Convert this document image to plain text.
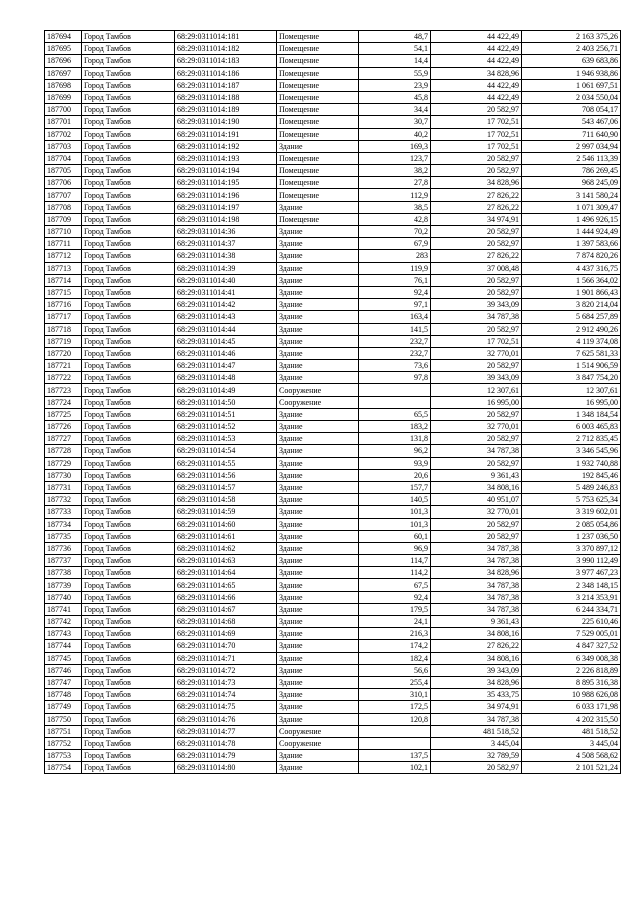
187694	Город Тамбов	68:29:0311014:181	Помещение	48,7	44 422,49	2 163 375,26
187695	Город Тамбов	68:29:0311014:182	Помещение	54,1	44 422,49	2 403 256,71
187696	Город Тамбов	68:29:0311014:183	Помещение	14,4	44 422,49	639 683,86
187697	Город Тамбов	68:29:0311014:186	Помещение	55,9	34 828,96	1 946 938,86
187698	Город Тамбов	68:29:0311014:187	Помещение	23,9	44 422,49	1 061 697,51
187699	Город Тамбов	68:29:0311014:188	Помещение	45,8	44 422,49	2 034 550,04
187700	Город Тамбов	68:29:0311014:189	Помещение	34,4	20 582,97	708 054,17
187701	Город Тамбов	68:29:0311014:190	Помещение	30,7	17 702,51	543 467,06
187702	Город Тамбов	68:29:0311014:191	Помещение	40,2	17 702,51	711 640,90
187703	Город Тамбов	68:29:0311014:192	Здание	169,3	17 702,51	2 997 034,94
187704	Город Тамбов	68:29:0311014:193	Помещение	123,7	20 582,97	2 546 113,39
187705	Город Тамбов	68:29:0311014:194	Помещение	38,2	20 582,97	786 269,45
187706	Город Тамбов	68:29:0311014:195	Помещение	27,8	34 828,96	968 245,09
187707	Город Тамбов	68:29:0311014:196	Помещение	112,9	27 826,22	3 141 580,24
187708	Город Тамбов	68:29:0311014:197	Здание	38,5	27 826,22	1 071 309,47
187709	Город Тамбов	68:29:0311014:198	Помещение	42,8	34 974,91	1 496 926,15
187710	Город Тамбов	68:29:0311014:36	Здание	70,2	20 582,97	1 444 924,49
187711	Город Тамбов	68:29:0311014:37	Здание	67,9	20 582,97	1 397 583,66
187712	Город Тамбов	68:29:0311014:38	Здание	283	27 826,22	7 874 820,26
187713	Город Тамбов	68:29:0311014:39	Здание	119,9	37 008,48	4 437 316,75
187714	Город Тамбов	68:29:0311014:40	Здание	76,1	20 582,97	1 566 364,02
187715	Город Тамбов	68:29:0311014:41	Здание	92,4	20 582,97	1 901 866,43
187716	Город Тамбов	68:29:0311014:42	Здание	97,1	39 343,09	3 820 214,04
187717	Город Тамбов	68:29:0311014:43	Здание	163,4	34 787,38	5 684 257,89
187718	Город Тамбов	68:29:0311014:44	Здание	141,5	20 582,97	2 912 490,26
187719	Город Тамбов	68:29:0311014:45	Здание	232,7	17 702,51	4 119 374,08
187720	Город Тамбов	68:29:0311014:46	Здание	232,7	32 770,01	7 625 581,33
187721	Город Тамбов	68:29:0311014:47	Здание	73,6	20 582,97	1 514 906,59
187722	Город Тамбов	68:29:0311014:48	Здание	97,8	39 343,09	3 847 754,20
187723	Город Тамбов	68:29:0311014:49	Сооружение		12 307,61	12 307,61
187724	Город Тамбов	68:29:0311014:50	Сооружение		16 995,00	16 995,00
187725	Город Тамбов	68:29:0311014:51	Здание	65,5	20 582,97	1 348 184,54
187726	Город Тамбов	68:29:0311014:52	Здание	183,2	32 770,01	6 003 465,83
187727	Город Тамбов	68:29:0311014:53	Здание	131,8	20 582,97	2 712 835,45
187728	Город Тамбов	68:29:0311014:54	Здание	96,2	34 787,38	3 346 545,96
187729	Город Тамбов	68:29:0311014:55	Здание	93,9	20 582,97	1 932 740,88
187730	Город Тамбов	68:29:0311014:56	Здание	20,6	9 361,43	192 845,46
187731	Город Тамбов	68:29:0311014:57	Здание	157,7	34 808,16	5 489 246,83
187732	Город Тамбов	68:29:0311014:58	Здание	140,5	40 951,07	5 753 625,34
187733	Город Тамбов	68:29:0311014:59	Здание	101,3	32 770,01	3 319 602,01
187734	Город Тамбов	68:29:0311014:60	Здание	101,3	20 582,97	2 085 054,86
187735	Город Тамбов	68:29:0311014:61	Здание	60,1	20 582,97	1 237 036,50
187736	Город Тамбов	68:29:0311014:62	Здание	96,9	34 787,38	3 370 897,12
187737	Город Тамбов	68:29:0311014:63	Здание	114,7	34 787,38	3 990 112,49
187738	Город Тамбов	68:29:0311014:64	Здание	114,2	34 828,96	3 977 467,23
187739	Город Тамбов	68:29:0311014:65	Здание	67,5	34 787,38	2 348 148,15
187740	Город Тамбов	68:29:0311014:66	Здание	92,4	34 787,38	3 214 353,91
187741	Город Тамбов	68:29:0311014:67	Здание	179,5	34 787,38	6 244 334,71
187742	Город Тамбов	68:29:0311014:68	Здание	24,1	9 361,43	225 610,46
187743	Город Тамбов	68:29:0311014:69	Здание	216,3	34 808,16	7 529 005,01
187744	Город Тамбов	68:29:0311014:70	Здание	174,2	27 826,22	4 847 327,52
187745	Город Тамбов	68:29:0311014:71	Здание	182,4	34 808,16	6 349 008,38
187746	Город Тамбов	68:29:0311014:72	Здание	56,6	39 343,09	2 226 818,89
187747	Город Тамбов	68:29:0311014:73	Здание	255,4	34 828,96	8 895 316,38
187748	Город Тамбов	68:29:0311014:74	Здание	310,1	35 433,75	10 988 626,08
187749	Город Тамбов	68:29:0311014:75	Здание	172,5	34 974,91	6 033 171,98
187750	Город Тамбов	68:29:0311014:76	Здание	120,8	34 787,38	4 202 315,50
187751	Город Тамбов	68:29:0311014:77	Сооружение		481 518,52	481 518,52
187752	Город Тамбов	68:29:0311014:78	Сооружение		3 445,04	3 445,04
187753	Город Тамбов	68:29:0311014:79	Здание	137,5	32 789,59	4 508 568,62
187754	Город Тамбов	68:29:0311014:80	Здание	102,1	20 582,97	2 101 521,24
